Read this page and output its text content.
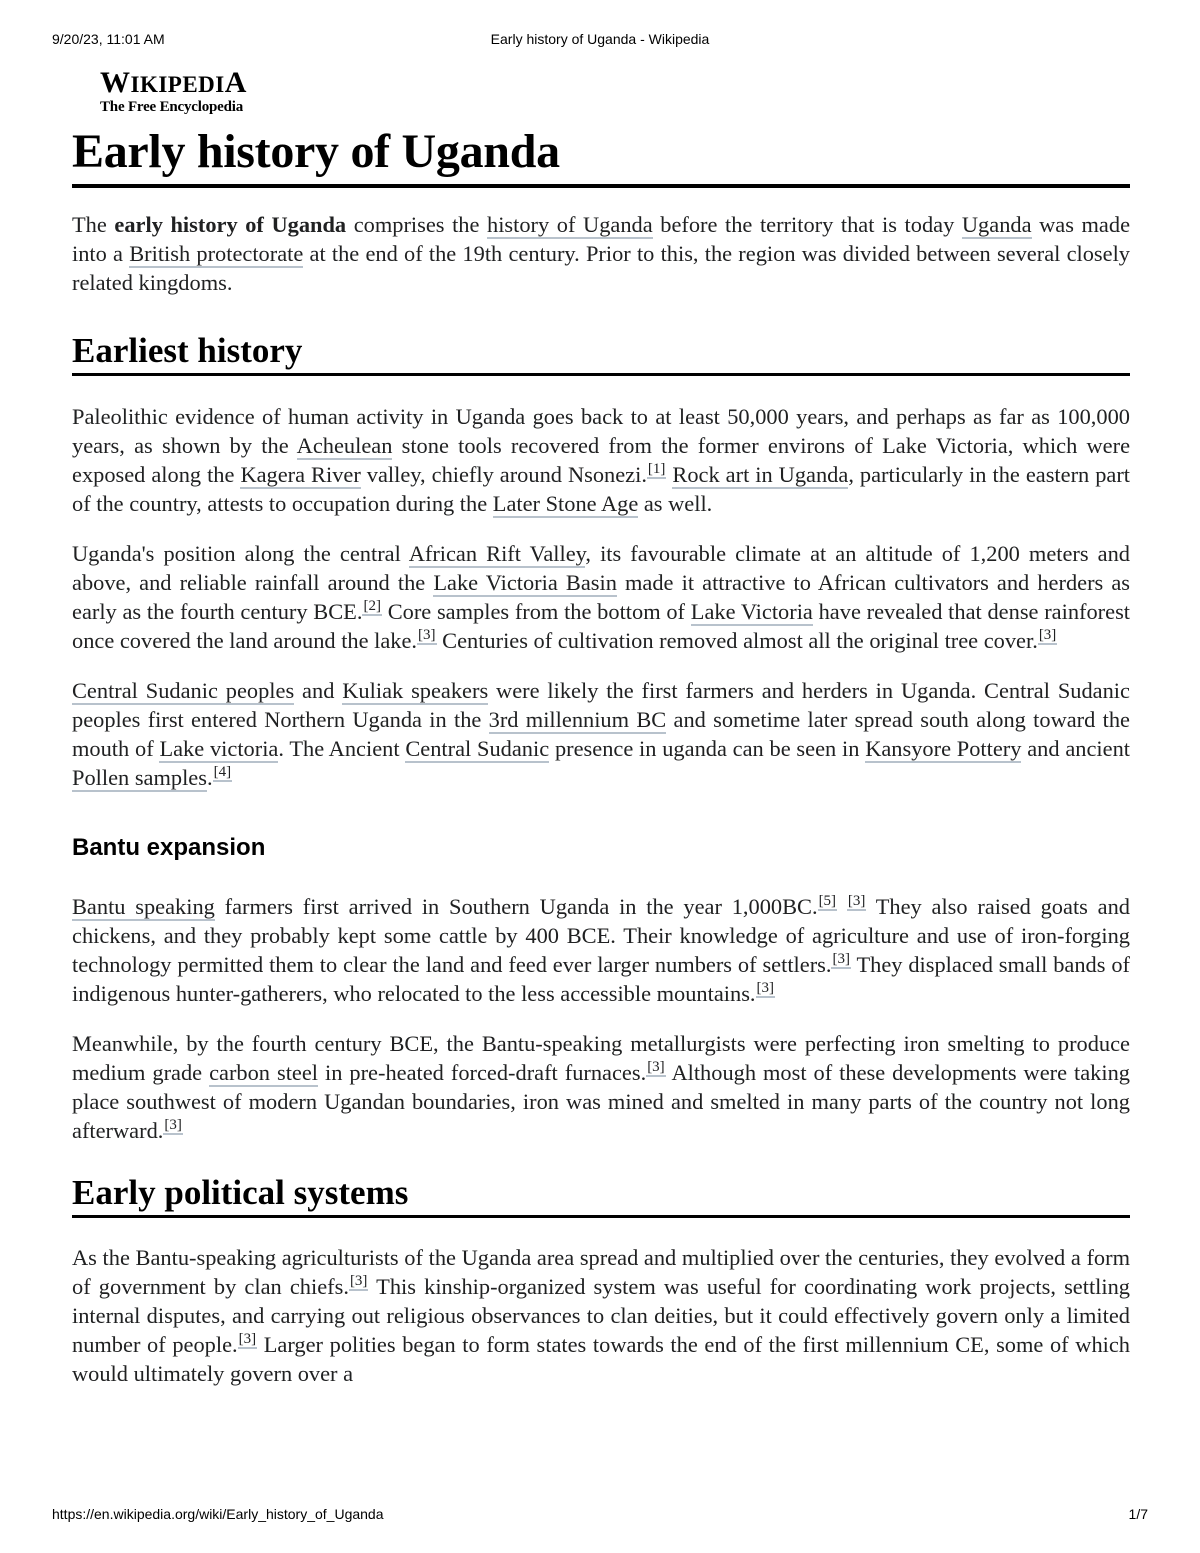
9/20/23, 11:01 AM	Early history of Uganda - Wikipedia
WIKIPEDIA
The Free Encyclopedia
Early history of Uganda

The early history of Uganda comprises the history of Uganda before the territory that is today Uganda was made into a British protectorate at the end of the 19th century. Prior to this, the region was divided between several closely related kingdoms.

Earliest history

Paleolithic evidence of human activity in Uganda goes back to at least 50,000 years, and perhaps as far as 100,000 years, as shown by the Acheulean stone tools recovered from the former environs of Lake Victoria, which were exposed along the Kagera River valley, chiefly around Nsonezi.[1] Rock art in Uganda, particularly in the eastern part of the country, attests to occupation during the Later Stone Age as well.

Uganda's position along the central African Rift Valley, its favourable climate at an altitude of 1,200 meters and above, and reliable rainfall around the Lake Victoria Basin made it attractive to African cultivators and herders as early as the fourth century BCE.[2] Core samples from the bottom of Lake Victoria have revealed that dense rainforest once covered the land around the lake.[3] Centuries of cultivation removed almost all the original tree cover.[3]

Central Sudanic peoples and Kuliak speakers were likely the first farmers and herders in Uganda. Central Sudanic peoples first entered Northern Uganda in the 3rd millennium BC and sometime later spread south along toward the mouth of Lake victoria. The Ancient Central Sudanic presence in uganda can be seen in Kansyore Pottery and ancient Pollen samples.[4]

Bantu expansion

Bantu speaking farmers first arrived in Southern Uganda in the year 1,000BC.[5] [3] They also raised goats and chickens, and they probably kept some cattle by 400 BCE. Their knowledge of agriculture and use of iron-forging technology permitted them to clear the land and feed ever larger numbers of settlers.[3] They displaced small bands of indigenous hunter-gatherers, who relocated to the less accessible mountains.[3]

Meanwhile, by the fourth century BCE, the Bantu-speaking metallurgists were perfecting iron smelting to produce medium grade carbon steel in pre-heated forced-draft furnaces.[3] Although most of these developments were taking place southwest of modern Ugandan boundaries, iron was mined and smelted in many parts of the country not long afterward.[3]

Early political systems

As the Bantu-speaking agriculturists of the Uganda area spread and multiplied over the centuries, they evolved a form of government by clan chiefs.[3] This kinship-organized system was useful for coordinating work projects, settling internal disputes, and carrying out religious observances to clan deities, but it could effectively govern only a limited number of people.[3] Larger polities began to form states towards the end of the first millennium CE, some of which would ultimately govern over a

https://en.wikipedia.org/wiki/Early_history_of_Uganda	1/7
